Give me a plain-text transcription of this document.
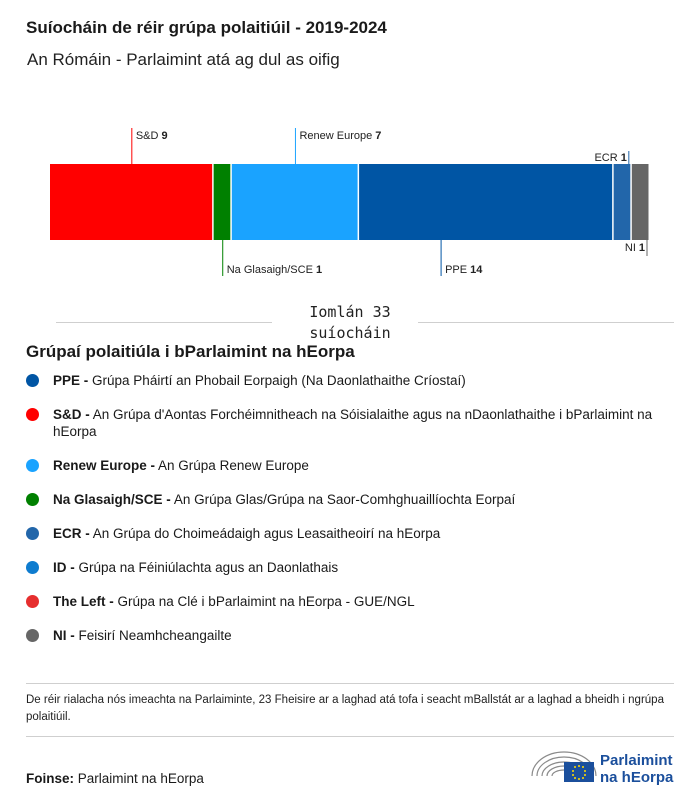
Suíocháin de réir grúpa polaitiúil - 2019-2024
An Rómáin - Parlaimint atá ag dul as oifig
S&D 9
Na Glasaigh/SCE 1
Renew Europe 7
PPE 14
ECR 1
NI 1
Iomlán 33
suíocháin
Grúpaí polaitiúla i bParlaimint na hEorpa
PPE - Grúpa Pháirtí an Phobail Eorpaigh (Na Daonlathaithe Críostaí)
S&D - An Grúpa d'Aontas Forchéimnitheach na Sóisialaithe agus na nDaonlathaithe i bParlaimint na hEorpa
Renew Europe - An Grúpa Renew Europe
Na Glasaigh/SCE - An Grúpa Glas/Grúpa na Saor-Comhghuaillíochta Eorpaí
ECR - An Grúpa do Choimeádaigh agus Leasaitheoirí na hEorpa
ID - Grúpa na Féiniúlachta agus an Daonlathais
The Left - Grúpa na Clé i bParlaimint na hEorpa - GUE/NGL
NI - Feisirí Neamhcheangailte
De réir rialacha nós imeachta na Parlaiminte, 23 Fheisire ar a laghad atá tofa i seacht mBallstát ar a laghad a bheidh i ngrúpa polaitiúil.
Foinse: Parlaimint na hEorpa
Parlaimint
na hEorpa
